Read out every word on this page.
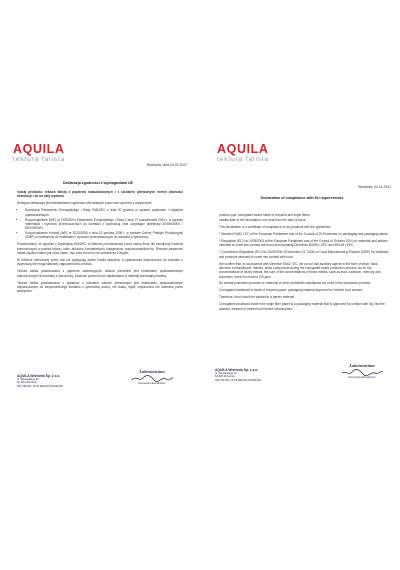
AQUILA
tektura falista
Wrzesnia, dnia 04.01.2021
Deklaracja zgodności z wymaganiami UE

rodzaj produktu: tektura falista z papierów makulaturowych i z udziałem pierwotnych termin ważności deklaracji: rok od daty wydania

Niniejsza deklaracja jest świadectwem zgodności oferowanych przez nas wyrobów z wytycznymi:

• Dyrektywa Parlamentu Europejskiego i Rady 94/62/EC z dnia 20 grudnia w sprawie opakowań i odpadów opakowaniowych.
• Rozporządzenie (WE) nr 1935/2004 Parlamentu Europejskiego i Rady z dnia 27 października 2004 r. w sprawie materiałów i wyrobów przeznaczonych do kontaktu z żywnością oraz uchylające dyrektywy 80/590/EWG i 89/109/EWG.
• Rozporządzenie Komisji (WE) nr 2023/2006 z dnia 22 grudnia 2006 r. w sprawie Dobrej Praktyki Produkcyjnej (GMP) w odniesieniu do materiałów i wyrobów przeznaczonych do kontaktu z żywnością.

Potwierdzamy, że zgodnie z Dyrektywą 94/62/EC w tekturze produkowanej przez naszą firmę nie stosujemy środków pomocniczych w postaci telowu, talku, alkoholu, formaldehydu, halogenków, rozpuszczalników itp. Również zawartość metali ciężkich takich jak ołów, kadm, rtęć oraz chrom w nie przekracza 100ppm.

W tekturze oferowanej przez nas nie występują żadne źródła skażenia, a opakowania dopuszczone do kontaktu z żywnością nie mogą stanowić zagrożenia dla zdrowia.

Tektura falista produkowana z papierów zawierających włókna pierwotne jest materiałem opakowaniowym dopuszczonym do kontaktu z żywnością. Żywność powinna być zapakowana w materiał stanowiący barierę.

Tektura falista produkowana z papierów z udziałem włókien pierwotnych jest materiałem opakowaniowym dopuszczonym do bezpośredniego kontaktu z żywnością suchą, nie tłustą, myta, czyszczona lub obierana przed spożyciem.

AQUILA Września Sp. z o.o.
ul. Słowackiego 16
62-300 Września
NIP 789-001-73-09 REGON 001361420
Laboratorium
Kierownik Laboratorium
AQUILA
tektura falista
Wrzesnia, 04.01.2021
Declaration of compliance with EU requirements

product type: corrugated board made of recycled and virgin fibers

validity date of the declaration: one year from the date of issue

This declaration is a certificate of compliance of our products with the guidelines:

* Directive 94/62 / EC of the European Parliament and of the Council of 20 December on packaging and packaging waste,

* Regulation (EC) No 1935/2004 of the European Parliament and of the Council of October 2004 on materials and articles intended to come into contact with food and repealing Directives 80/590 / EEC and 89/109 / EEC,

* Commission Regulation (EC) No 2023/2006 of December 22, 2006 on Good Manufacturing Practice (GMP) for materials and products intended to come into contact with food.

We confirm that, in accordance with Directive 94/62 / EC, we do not use auxiliary agents in the form of teflon, talcs, alcohols, formaldehyde, halides, sulfur compounds during the corrugated board production process. As for the concentrations of heavy metals, the sum of the concentrations of these metals, such as lead, cadmium, mercury and chromium, does not exceed 100 ppm.

No animal protection products or materials or other prohibited substances are used in the production process.

Corrugated cardboard is made of recycled paper, packaging material approved for indirect food contact.

Therefore, food should be packed in a barrier material.

Corrugated cardboard made from virgin fiber paper is a packaging material that is approved for contact with dry, fat-free, washed, cleaned or peeled food before consumption.

AQUILA Września Sp. z o.o.
ul. Słowackiego 16
62-300 Września
NIP 789-001-73-09 REGON 001361420
Laboratorium
Kierownik Laboratorium
